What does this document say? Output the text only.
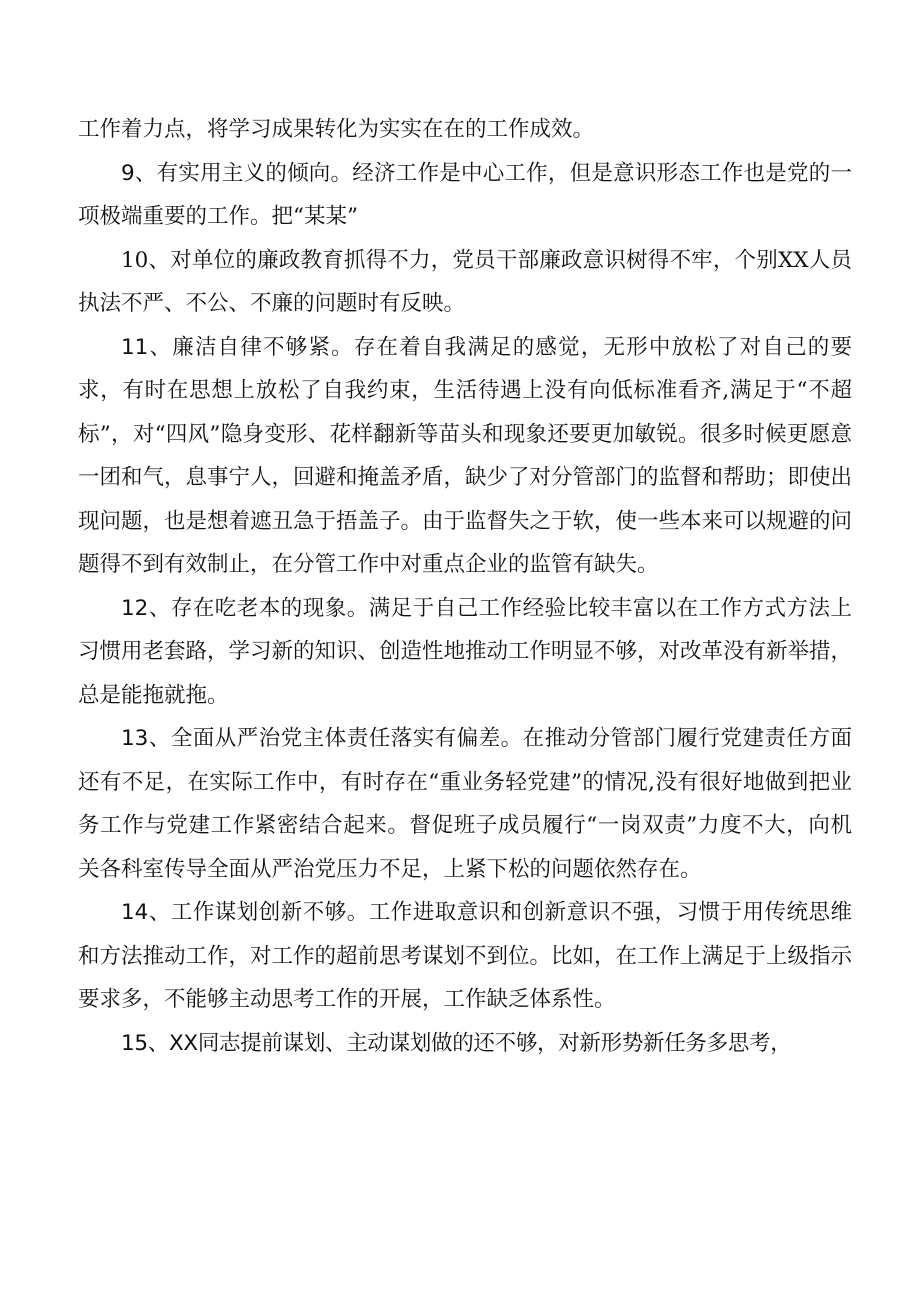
工作着力点，将学习成果转化为实实在在的工作成效。

9、有实用主义的倾向。经济工作是中心工作，但是意识形态工作也是党的一项极端重要的工作。把“某某”

10、对单位的廉政教育抓得不力，党员干部廉政意识树得不牢，个别XX人员执法不严、不公、不廉的问题时有反映。

11、廉洁自律不够紧。存在着自我满足的感觉，无形中放松了对自己的要求，有时在思想上放松了自我约束，生活待遇上没有向低标准看齐,满足于“不超标”，对“四风”隐身变形、花样翻新等苗头和现象还要更加敏锐。很多时候更愿意一团和气，息事宁人，回避和掩盖矛盾，缺少了对分管部门的监督和帮助；即使出现问题，也是想着遮丑急于捂盖子。由于监督失之于软，使一些本来可以规避的问题得不到有效制止，在分管工作中对重点企业的监管有缺失。

12、存在吃老本的现象。满足于自己工作经验比较丰富以在工作方式方法上习惯用老套路，学习新的知识、创造性地推动工作明显不够，对改革没有新举措，总是能拖就拖。

13、全面从严治党主体责任落实有偏差。在推动分管部门履行党建责任方面还有不足，在实际工作中，有时存在“重业务轻党建”的情况,没有很好地做到把业务工作与党建工作紧密结合起来。督促班子成员履行“一岗双责”力度不大，向机关各科室传导全面从严治党压力不足，上紧下松的问题依然存在。

14、工作谋划创新不够。工作进取意识和创新意识不强，习惯于用传统思维和方法推动工作，对工作的超前思考谋划不到位。比如，在工作上满足于上级指示要求多，不能够主动思考工作的开展，工作缺乏体系性。

15、XX同志提前谋划、主动谋划做的还不够，对新形势新任务多思考，
